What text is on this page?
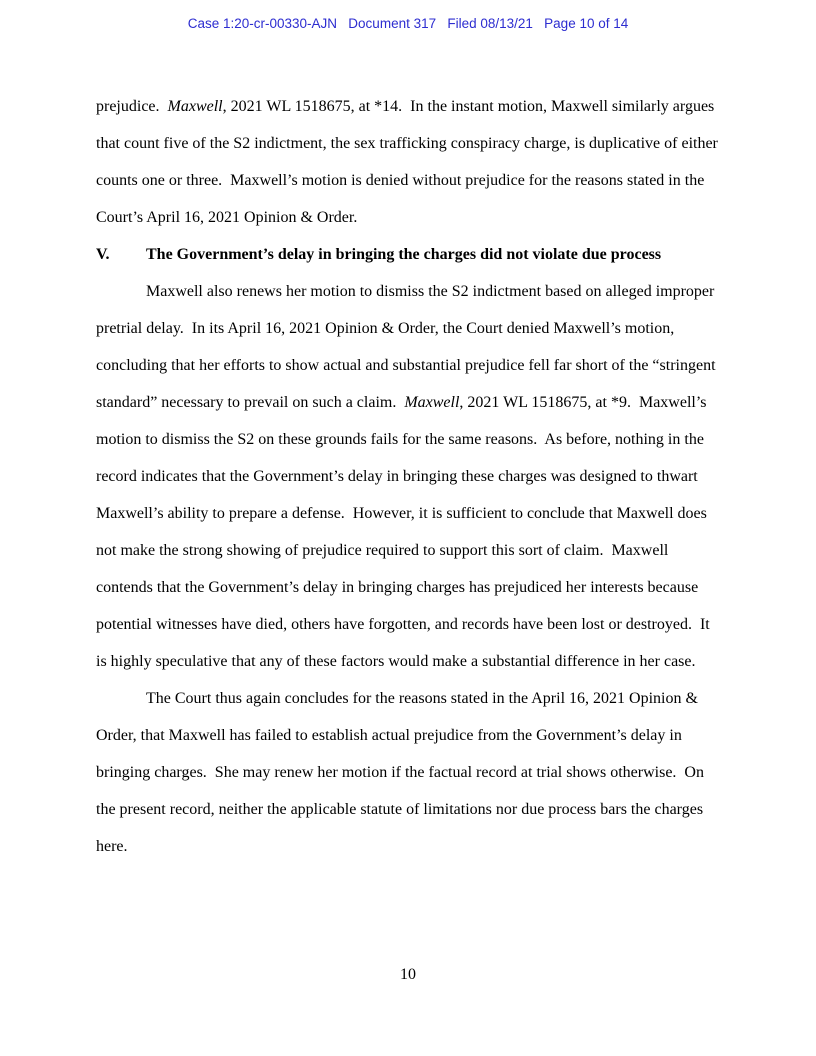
Case 1:20-cr-00330-AJN   Document 317   Filed 08/13/21   Page 10 of 14
prejudice.  Maxwell, 2021 WL 1518675, at *14.  In the instant motion, Maxwell similarly argues
that count five of the S2 indictment, the sex trafficking conspiracy charge, is duplicative of either
counts one or three.  Maxwell’s motion is denied without prejudice for the reasons stated in the
Court’s April 16, 2021 Opinion & Order.
V. The Government’s delay in bringing the charges did not violate due process
Maxwell also renews her motion to dismiss the S2 indictment based on alleged improper
pretrial delay.  In its April 16, 2021 Opinion & Order, the Court denied Maxwell’s motion,
concluding that her efforts to show actual and substantial prejudice fell far short of the “stringent
standard” necessary to prevail on such a claim.  Maxwell, 2021 WL 1518675, at *9.  Maxwell’s
motion to dismiss the S2 on these grounds fails for the same reasons.  As before, nothing in the
record indicates that the Government’s delay in bringing these charges was designed to thwart
Maxwell’s ability to prepare a defense.  However, it is sufficient to conclude that Maxwell does
not make the strong showing of prejudice required to support this sort of claim.  Maxwell
contends that the Government’s delay in bringing charges has prejudiced her interests because
potential witnesses have died, others have forgotten, and records have been lost or destroyed.  It
is highly speculative that any of these factors would make a substantial difference in her case.
The Court thus again concludes for the reasons stated in the April 16, 2021 Opinion &
Order, that Maxwell has failed to establish actual prejudice from the Government’s delay in
bringing charges.  She may renew her motion if the factual record at trial shows otherwise.  On
the present record, neither the applicable statute of limitations nor due process bars the charges
here.
10
